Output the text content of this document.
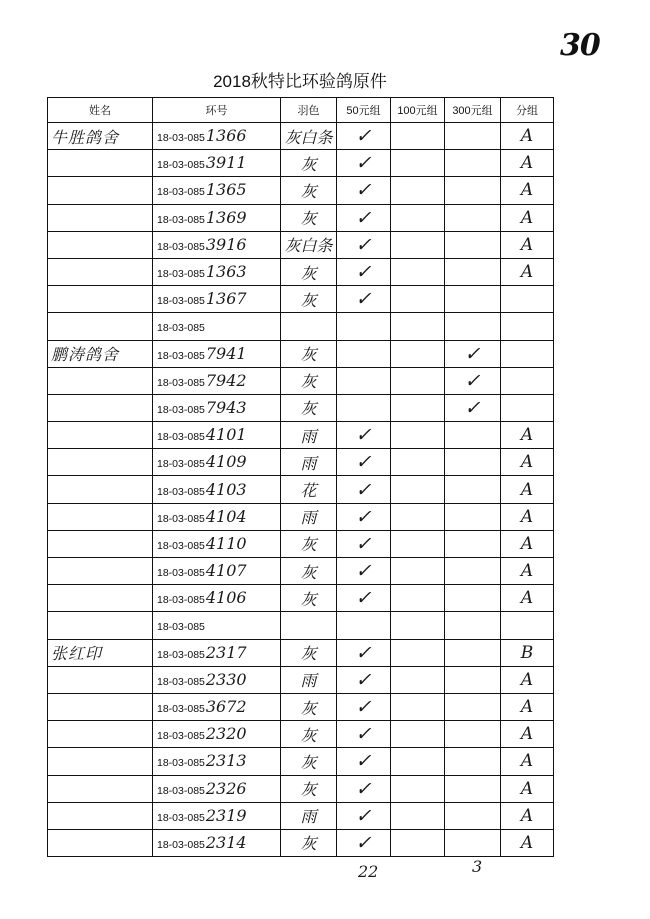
30
2018秋特比环验鸽原件
姓名	环号	羽色	50元组	100元组	300元组	分组
牛胜鸽舍	18-03-0851366	灰白条	✓			A
	18-03-0853911	灰	✓			A
	18-03-0851365	灰	✓			A
	18-03-0851369	灰	✓			A
	18-03-0853916	灰白条	✓			A
	18-03-0851363	灰	✓			A
	18-03-0851367	灰	✓			
	18-03-085					
鹏涛鸽舍	18-03-0857941	灰			✓	
	18-03-0857942	灰			✓	
	18-03-0857943	灰			✓	
	18-03-0854101	雨	✓			A
	18-03-0854109	雨	✓			A
	18-03-0854103	花	✓			A
	18-03-0854104	雨	✓			A
	18-03-0854110	灰	✓			A
	18-03-0854107	灰	✓			A
	18-03-0854106	灰	✓			A
	18-03-085					
张红印	18-03-0852317	灰	✓			B
	18-03-0852330	雨	✓			A
	18-03-0853672	灰	✓			A
	18-03-0852320	灰	✓			A
	18-03-0852313	灰	✓			A
	18-03-0852326	灰	✓			A
	18-03-0852319	雨	✓			A
	18-03-0852314	灰	✓			A
22	3
